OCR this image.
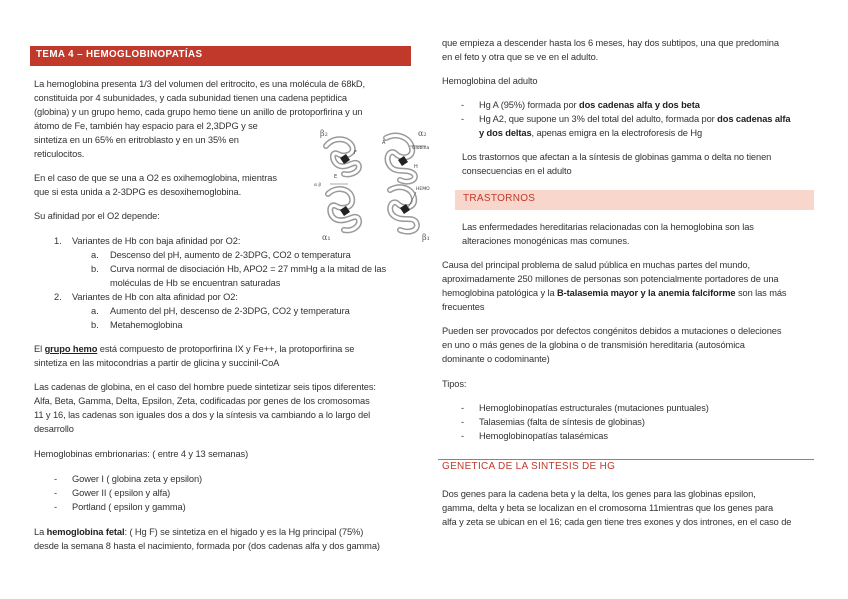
TEMA 4 – HEMOGLOBINOPATÍAS
La hemoglobina presenta 1/3 del volumen del eritrocito, es una molécula de 68kD,
constituida por 4 subunidades, y cada subunidad tienen una cadena peptidica
(globina) y un grupo hemo, cada grupo hemo tiene un anillo de protoporfirina y un
átomo de Fe, también hay espacio para el 2,3DPG y se
sintetiza en un 65% en eritroblasto y en un 35% en
reticulocitos.
En el caso de que se una a O2 es oxihemoglobina, mientras
que si esta unida a 2-3DPG es desoxihemoglobina.
Su afinidad por el O2 depende:
1. Variantes de Hb con baja afinidad por O2:
a. Descenso del pH, aumento de 2-3DPG, CO2 o temperatura
b. Curva normal de disociación Hb, APO2 = 27 mmHg a la mitad de las
moléculas de Hb se encuentran saturadas
2. Variantes de Hb con alta afinidad por O2:
a. Aumento del pH, descenso de 2-3DPG, CO2 y temperatura
b. Metahemoglobina
El grupo hemo está compuesto de protoporfirina IX y Fe++, la protoporfirina se
sintetiza en las mitocondrias a partir de glicina y succinil-CoA
Las cadenas de globina, en el caso del hombre puede sintetizar seis tipos diferentes:
Alfa, Beta, Gamma, Delta, Epsilon, Zeta, codificadas por genes de los cromosomas
11 y 16, las cadenas son iguales dos a dos y la síntesis va cambiando a lo largo del
desarrollo
Hemoglobinas embrionarias: ( entre 4 y 13 semanas)
- Gower I ( globina zeta y epsilon)
- Gower II ( epsilon y alfa)
- Portland ( epsilon y gamma)
La hemoglobina fetal: ( Hg F) se sintetiza en el higado y es la Hg principal (75%)
desde la semana 8 hasta el nacimiento, formada por (dos cadenas alfa y dos gamma)
β₂	α₂
α₁	β₁
Globina
HEMO
A
E
F
H
α β
que empieza a descender hasta los 6 meses, hay dos subtipos, una que predomina
en el feto y otra que se ve en el adulto.
Hemoglobina del adulto
- Hg A (95%) formada por dos cadenas alfa y dos beta
- Hg A2, que supone un 3% del total del adulto, formada por dos cadenas alfa
y dos deltas, apenas emigra en la electroforesis de Hg
Los trastornos que afectan a la síntesis de globinas gamma o delta no tienen
consecuencias en el adulto
TRASTORNOS
Las enfermedades hereditarias relacionadas con la hemoglobina son las
alteraciones monogénicas mas comunes.
Causa del principal problema de salud pública en muchas partes del mundo,
aproximadamente 250 millones de personas son potencialmente portadores de una
hemoglobina patológica y la B-talasemia mayor y la anemia falciforme son las más
frecuentes
Pueden ser provocados por defectos congénitos debidos a mutaciones o deleciones
en uno o más genes de la globina o de transmisión hereditaria (autosómica
dominante o codominante)
Tipos:
- Hemoglobinopatías estructurales (mutaciones puntuales)
- Talasemias (falta de síntesis de globinas)
- Hemoglobinopatías talasémicas
GENETICA DE LA SINTESIS DE HG
Dos genes para la cadena beta y la delta, los genes para las globinas epsilon,
gamma, delta y beta se localizan en el cromosoma 11mientras que los genes para
alfa y zeta se ubican en el 16; cada gen tiene tres exones y dos intrones, en el caso de
